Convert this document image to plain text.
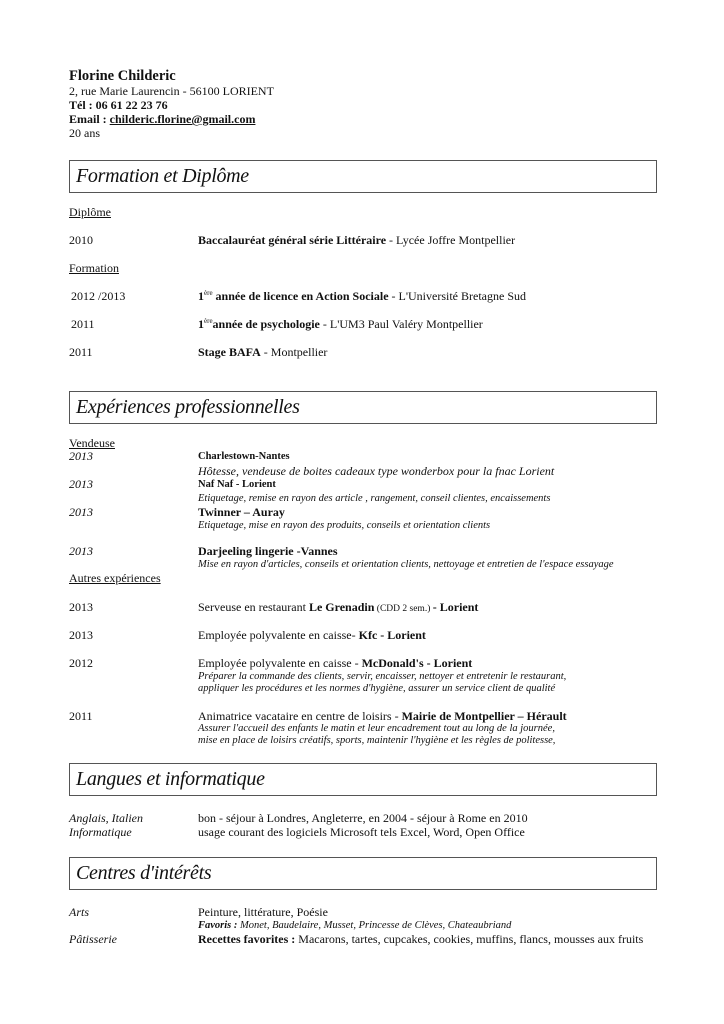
Florine Childeric
2, rue Marie Laurencin - 56100 LORIENT
Tél : 06 61 22 23 76
Email : childeric.florine@gmail.com
20 ans
Formation et Diplôme
Diplôme
2010	Baccalauréat général série Littéraire - Lycée Joffre Montpellier
Formation
2012 /2013	1ère année de licence en Action Sociale - L'Université Bretagne Sud
2011	1èreannée de psychologie - L'UM3 Paul Valéry Montpellier
2011	Stage BAFA - Montpellier
Expériences professionnelles
Vendeuse
2013	Charlestown-Nantes
Hôtesse, vendeuse de boites cadeaux type wonderbox pour la fnac Lorient
2013	Naf Naf - Lorient
Etiquetage, remise en rayon des article , rangement, conseil clientes, encaissements
2013	Twinner – Auray
Etiquetage, mise en rayon des produits, conseils et orientation clients
2013	Darjeeling lingerie -Vannes
Mise en rayon d'articles, conseils et orientation clients, nettoyage et entretien de l'espace essayage
Autres expériences
2013	Serveuse en restaurant Le Grenadin (CDD 2 sem.) - Lorient
2013	Employée polyvalente en caisse- Kfc - Lorient
2012	Employée polyvalente en caisse - McDonald's - Lorient
Préparer la commande des clients, servir, encaisser, nettoyer et entretenir le restaurant,
appliquer les procédures et les normes d'hygiène, assurer un service client de qualité
2011	Animatrice vacataire en centre de loisirs - Mairie de Montpellier – Hérault
Assurer l'accueil des enfants le matin et leur encadrement tout au long de la journée,
mise en place de loisirs créatifs, sports, maintenir l'hygiène et les règles de politesse,
Langues et informatique
Anglais, Italien	bon - séjour à Londres, Angleterre, en 2004 - séjour à Rome en 2010
Informatique	usage courant des logiciels Microsoft tels Excel, Word, Open Office
Centres d'intérêts
Arts	Peinture, littérature, Poésie
Favoris : Monet, Baudelaire, Musset, Princesse de Clèves, Chateaubriand
Pâtisserie	Recettes favorites : Macarons, tartes, cupcakes, cookies, muffins, flancs, mousses aux fruits
